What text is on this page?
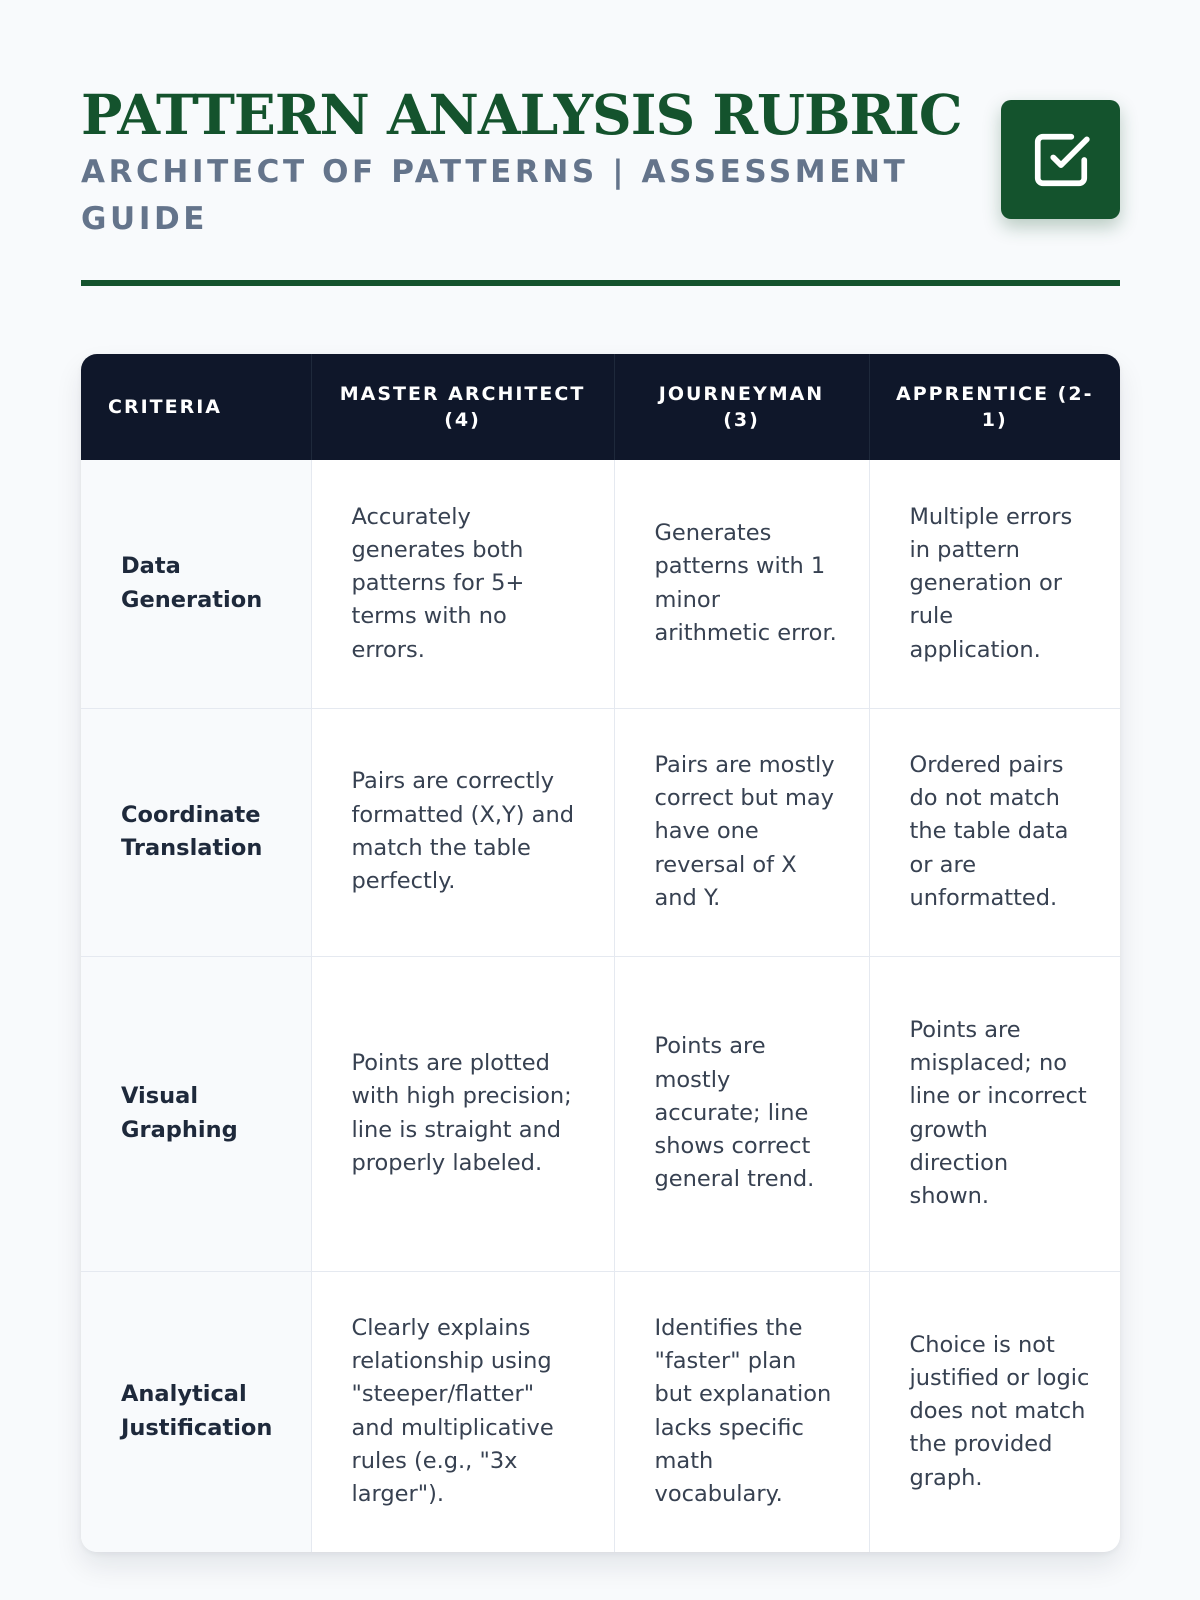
PATTERN ANALYSIS RUBRIC
ARCHITECT OF PATTERNS | ASSESSMENT GUIDE
CRITERIA	MASTER ARCHITECT (4)	JOURNEYMAN (3)	APPRENTICE (2-1)
Data Generation	Accurately generates both patterns for 5+ terms with no errors.	Generates patterns with 1 minor arithmetic error.	Multiple errors in pattern generation or rule application.
Coordinate Translation	Pairs are correctly formatted (X,Y) and match the table perfectly.	Pairs are mostly correct but may have one reversal of X and Y.	Ordered pairs do not match the table data or are unformatted.
Visual Graphing	Points are plotted with high precision; line is straight and properly labeled.	Points are mostly accurate; line shows correct general trend.	Points are misplaced; no line or incorrect growth direction shown.
Analytical Justification	Clearly explains relationship using "steeper/flatter" and multiplicative rules (e.g., "3x larger").	Identifies the "faster" plan but explanation lacks specific math vocabulary.	Choice is not justified or logic does not match the provided graph.
